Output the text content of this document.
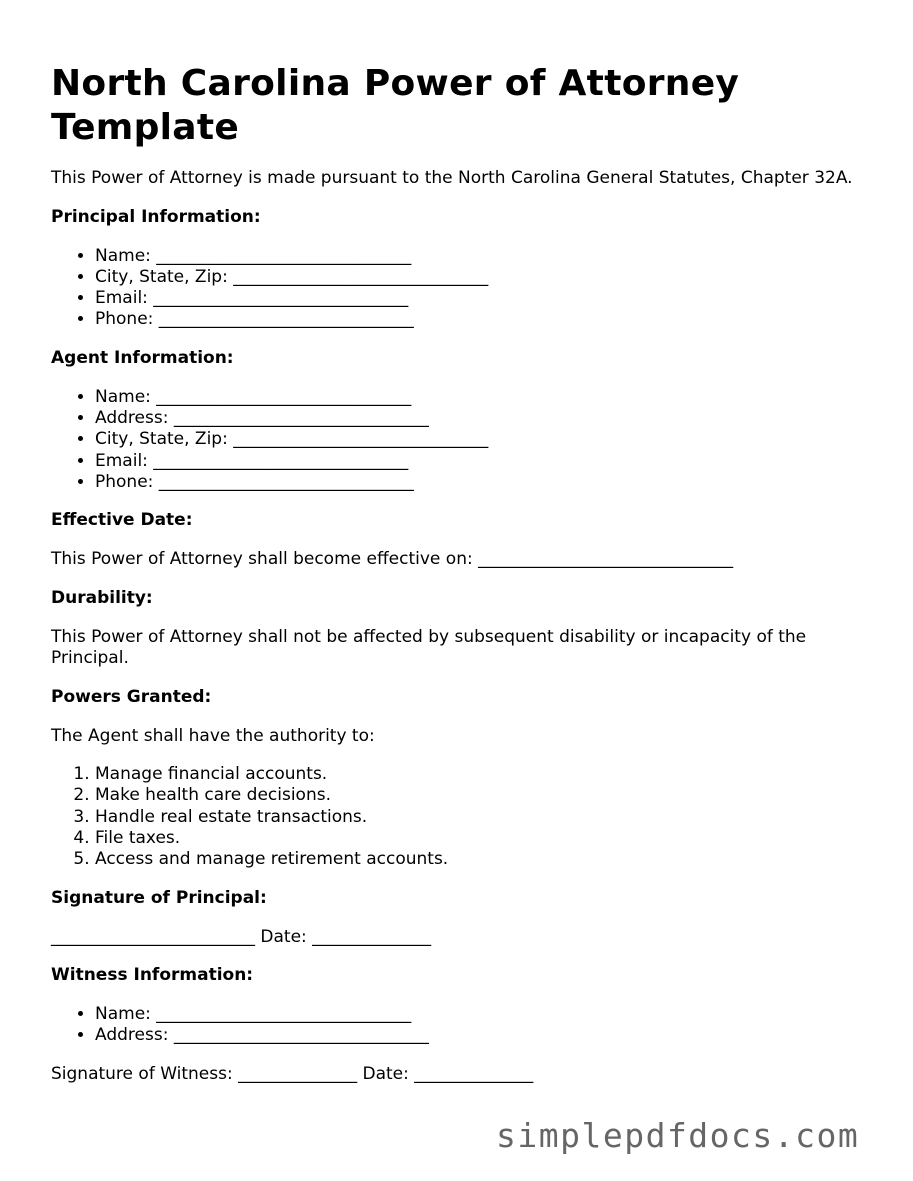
North Carolina Power of Attorney Template

This Power of Attorney is made pursuant to the North Carolina General Statutes, Chapter 32A.

Principal Information:

• Name: ______________________________
• City, State, Zip: ______________________________
• Email: ______________________________
• Phone: ______________________________

Agent Information:

• Name: ______________________________
• Address: ______________________________
• City, State, Zip: ______________________________
• Email: ______________________________
• Phone: ______________________________

Effective Date:

This Power of Attorney shall become effective on: ______________________________

Durability:

This Power of Attorney shall not be affected by subsequent disability or incapacity of the Principal.

Powers Granted:

The Agent shall have the authority to:

1. Manage financial accounts.
2. Make health care decisions.
3. Handle real estate transactions.
4. File taxes.
5. Access and manage retirement accounts.

Signature of Principal:

________________________ Date: ______________

Witness Information:

• Name: ______________________________
• Address: ______________________________

Signature of Witness: ______________ Date: ______________

simplepdfdocs.com
